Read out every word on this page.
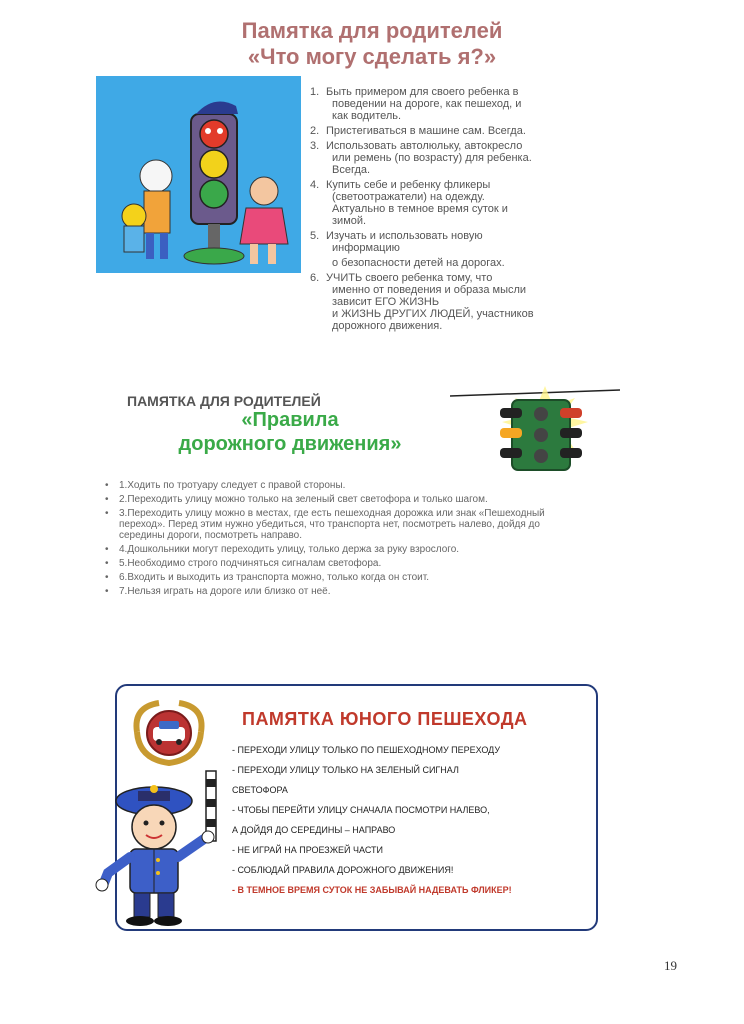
Памятка для родителей
«Что могу сделать я?»
1. Быть примером для своего ребенка в

поведении на дороге, как пешеход, и
как водитель.
2. Пристегиваться в машине сам. Всегда.

3. Использовать автолюльку, автокресло

или ремень (по возрасту) для ребенка.
Всегда.
4. Купить себе и ребенку фликеры

(светоотражатели) на одежду.
Актуально в темное время суток и
зимой.
5. Изучать и использовать новую

информацию
о безопасности детей на дорогах.
6. УЧИТЬ своего ребенка тому, что

именно от поведения и образа мысли
зависит ЕГО ЖИЗНЬ
и ЖИЗНЬ ДРУГИХ ЛЮДЕЙ, участников
дорожного движения.
ПАМЯТКА ДЛЯ РОДИТЕЛЕЙ
«Правила
дорожного движения»
• 1.Ходить по тротуару следует с правой стороны.
• 2.Переходить улицу можно только на зеленый свет светофора и только шагом.
• 3.Переходить улицу можно в местах, где есть пешеходная дорожка или знак «Пешеходный переход». Перед этим нужно убедиться, что транспорта нет, посмотреть налево, дойдя до середины дороги, посмотреть направо.
• 4.Дошкольники могут переходить улицу, только держа за руку взрослого.
• 5.Необходимо строго подчиняться сигналам светофора.
• 6.Входить и выходить из транспорта можно, только когда он стоит.
• 7.Нельзя играть на дороге или близко от неё.
ПАМЯТКА ЮНОГО ПЕШЕХОДА
- ПЕРЕХОДИ УЛИЦУ ТОЛЬКО ПО ПЕШЕХОДНОМУ ПЕРЕХОДУ
- ПЕРЕХОДИ УЛИЦУ ТОЛЬКО НА ЗЕЛЕНЫЙ СИГНАЛ
СВЕТОФОРА
- ЧТОБЫ ПЕРЕЙТИ УЛИЦУ СНАЧАЛА ПОСМОТРИ НАЛЕВО,
А ДОЙДЯ ДО СЕРЕДИНЫ – НАПРАВО
- НЕ ИГРАЙ НА ПРОЕЗЖЕЙ ЧАСТИ
- СОБЛЮДАЙ ПРАВИЛА ДОРОЖНОГО ДВИЖЕНИЯ!
- В ТЕМНОЕ ВРЕМЯ СУТОК НЕ ЗАБЫВАЙ НАДЕВАТЬ ФЛИКЕР!
19
